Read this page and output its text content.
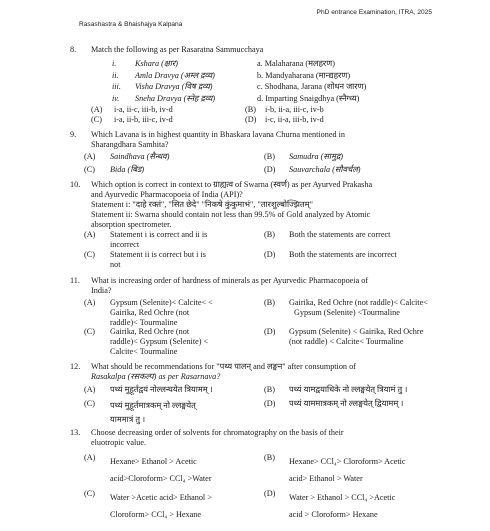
PhD entrance Examination, ITRA, 2025
Rasashastra & Bhaishajya Kalpana
8.	Match the following as per Rasaratna Sammucchaya
i. Kshara (क्षार)	a. Malaharana (मलहरण)
ii. Amla Dravya (अम्ल द्रव्य)	b. Mandyaharana (मान्द्यहरण)
iii. Visha Dravya (विष द्रव्य)	c. Shodhana, Jarana (शोधन जारण)
iv. Sneha Dravya (स्नेह द्रव्य)	d. Imparting Snaigdhya (स्नैग्ध्य)
(A) i-a, ii-c, iii-b, iv-d	(B) i-b, ii-a, iii-c, iv-b
(C) i-a, ii-b, iii-c, iv-d	(D) i-c, ii-a, iii-b, iv-d
9.	Which Lavana is in highest quantity in Bhaskara lavana Churna mentioned in
Sharangdhara Samhita?
(A) Saindhava (सैन्धव)	(B) Samudra (सामुद्र)
(C) Bida (बिड)	(D) Sauvarchala (सौवर्चल)
10.	Which option is correct in context to ग्राह्यत्व of Swarna (स्वर्ण) as per Ayurved Prakasha
and Ayurvedic Pharmacopoeia of India (API)?
Statement i: "दाहे रक्तं", "सित छेदे" "निकषे कुंकुमाभं", "तारशुल्बोज्झितम्"
Statement ii: Swarna should contain not less than 99.5% of Gold analyzed by Atomic
absorption spectrometer.
(A) Statement i is correct and ii is
incorrect
(B) Both the statements are correct
(C) Statement ii is correct but i is
not
(D) Both the statements are incorrect
11.	What is increasing order of hardness of minerals as per Ayurvedic Pharmacopoeia of
India?
(A) Gypsum (Selenite)< Calcite< <
Gairika, Red Ochre (not
raddle)< Tourmaline
(B) Gairika, Red Ochre (not raddle)< Calcite<
Gypsum (Selenite) <Tourmaline
(C) Gairika, Red Ochre (not
raddle)< Gypsum (Selenite) <
Calcite< Tourmaline
(D) Gypsum (Selenite) < Gairika, Red Ochre
(not raddle) < Calcite< Tourmaline
12.	What should be recommendations for "पथ्य पालन् and लङ्घन" after consumption of
Rasakalpa (रसकल्प) as per Rasarnava?
(A) पथ्यं मुहूर्तद्वयं नोल्लन्घयेत त्रियामम् ।	(B) पथ्यं यामद्वयाधिके नो ल्लङ्घयेत् त्रियामं तु ।
(C) पथ्यं मुहूर्तमात्रकम् नो ल्लङ्घयेत्
याममात्रं तु ।
(D) पथ्यं याममात्रकम् नो ल्लङ्घयेत् द्वियामम् ।
13.	Choose decreasing order of solvents for chromatography on the basis of their
eluotropic value.
(A) Hexane> Ethanol > Acetic
acid>Cloroform> CCl₄ >Water
(B) Hexane> CCl₄> Cloroform> Acetic
acid> Ethanol > Water
(C) Water >Acetic acid> Ethanol >
Cloroform> CCl₄ > Hexane
(D) Water > Ethanol > CCl₄ >Acetic
acid > Cloroform> Hexane
